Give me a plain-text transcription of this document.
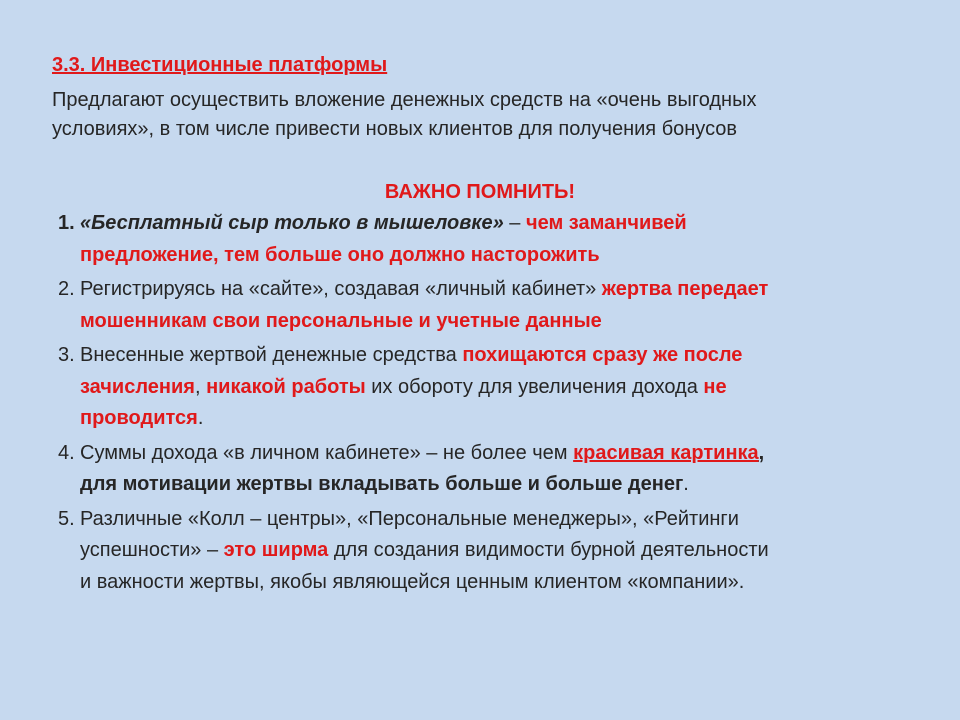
3.3. Инвестиционные платформы
Предлагают осуществить вложение денежных средств на «очень выгодных
условиях», в том числе привести новых клиентов для получения бонусов
ВАЖНО ПОМНИТЬ!
1. «Бесплатный сыр только в мышеловке» – чем заманчивей
предложение, тем больше оно должно насторожить
2. Регистрируясь на «сайте», создавая «личный кабинет» жертва передает
мошенникам свои персональные и учетные данные
3. Внесенные жертвой денежные средства похищаются сразу же после
зачисления, никакой работы их обороту для увеличения дохода не
проводится.
4. Суммы дохода «в личном кабинете» – не более чем красивая картинка,
для мотивации жертвы вкладывать больше и больше денег.
5. Различные «Колл – центры», «Персональные менеджеры», «Рейтинги
успешности» – это ширма для создания видимости бурной деятельности
и важности жертвы, якобы являющейся ценным клиентом «компании».
